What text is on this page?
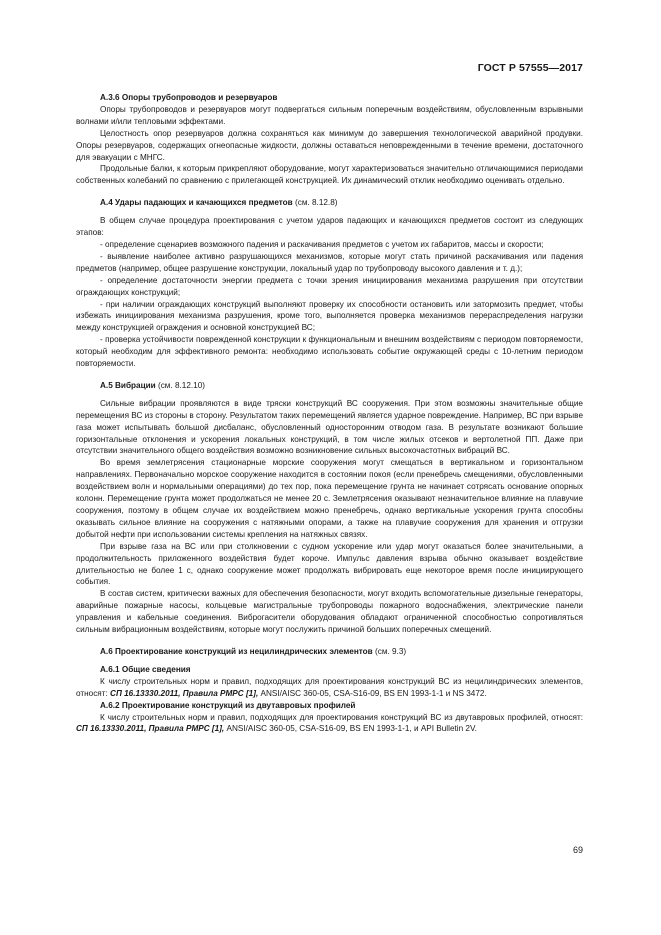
ГОСТ Р 57555—2017

А.3.6 Опоры трубопроводов и резервуаров

Опоры трубопроводов и резервуаров могут подвергаться сильным поперечным воздействиям, обусловленным взрывными волнами и/или тепловыми эффектами.

Целостность опор резервуаров должна сохраняться как минимум до завершения технологической аварийной продувки. Опоры резервуаров, содержащих огнеопасные жидкости, должны оставаться неповрежденными в течение времени, достаточного для эвакуации с МНГС.

Продольные балки, к которым прикрепляют оборудование, могут характеризоваться значительно отличающимися периодами собственных колебаний по сравнению с прилегающей конструкцией. Их динамический отклик необходимо оценивать отдельно.

А.4 Удары падающих и качающихся предметов (см. 8.12.8)

В общем случае процедура проектирования с учетом ударов падающих и качающихся предметов состоит из следующих этапов:

- определение сценариев возможного падения и раскачивания предметов с учетом их габаритов, массы и скорости;

- выявление наиболее активно разрушающихся механизмов, которые могут стать причиной раскачивания или падения предметов (например, общее разрушение конструкции, локальный удар по трубопроводу высокого давления и т. д.);

- определение достаточности энергии предмета с точки зрения инициирования механизма разрушения при отсутствии ограждающих конструкций;

- при наличии ограждающих конструкций выполняют проверку их способности остановить или затормозить предмет, чтобы избежать инициирования механизма разрушения, кроме того, выполняется проверка механизмов перераспределения нагрузки между конструкцией ограждения и основной конструкцией ВС;

- проверка устойчивости поврежденной конструкции к функциональным и внешним воздействиям с периодом повторяемости, который необходим для эффективного ремонта: необходимо использовать событие окружающей среды с 10-летним периодом повторяемости.

А.5 Вибрации (см. 8.12.10)

Сильные вибрации проявляются в виде тряски конструкций ВС сооружения. При этом возможны значительные общие перемещения ВС из стороны в сторону. Результатом таких перемещений является ударное повреждение. Например, ВС при взрыве газа может испытывать большой дисбаланс, обусловленный односторонним отводом газа. В результате возникают большие горизонтальные отклонения и ускорения локальных конструкций, в том числе жилых отсеков и вертолетной ПП. Даже при отсутствии значительного общего воздействия возможно возникновение сильных высокочастотных вибраций ВС.

Во время землетрясения стационарные морские сооружения могут смещаться в вертикальном и горизонтальном направлениях. Первоначально морское сооружение находится в состоянии покоя (если пренебречь смещениями, обусловленными воздействием волн и нормальными операциями) до тех пор, пока перемещение грунта не начинает сотрясать основание опорных колонн. Перемещение грунта может продолжаться не менее 20 с. Землетрясения оказывают незначительное влияние на плавучие сооружения, поэтому в общем случае их воздействием можно пренебречь, однако вертикальные ускорения грунта способны оказывать сильное влияние на сооружения с натяжными опорами, а также на плавучие сооружения для хранения и отгрузки добытой нефти при использовании системы крепления на натяжных связях.

При взрыве газа на ВС или при столкновении с судном ускорение или удар могут оказаться более значительными, а продолжительность приложенного воздействия будет короче. Импульс давления взрыва обычно оказывает воздействие длительностью не более 1 с, однако сооружение может продолжать вибрировать еще некоторое время после инициирующего события.

В состав систем, критически важных для обеспечения безопасности, могут входить вспомогательные дизельные генераторы, аварийные пожарные насосы, кольцевые магистральные трубопроводы пожарного водоснабжения, электрические панели управления и кабельные соединения. Виброгасители оборудования обладают ограниченной способностью сопротивляться сильным вибрационным воздействиям, которые могут послужить причиной больших поперечных смещений.

А.6 Проектирование конструкций из нецилиндрических элементов (см. 9.3)

А.6.1 Общие сведения

К числу строительных норм и правил, подходящих для проектирования конструкций ВС из нецилиндрических элементов, относят: СП 16.13330.2011, Правила РМРС [1], ANSI/AISC 360-05, CSA-S16-09, BS EN 1993-1-1 и NS 3472.

А.6.2 Проектирование конструкций из двутавровых профилей

К числу строительных норм и правил, подходящих для проектирования конструкций ВС из двутавровых профилей, относят: СП 16.13330.2011, Правила РМРС [1], ANSI/AISC 360-05, CSA-S16-09, BS EN 1993-1-1, и API Bulletin 2V.

69
